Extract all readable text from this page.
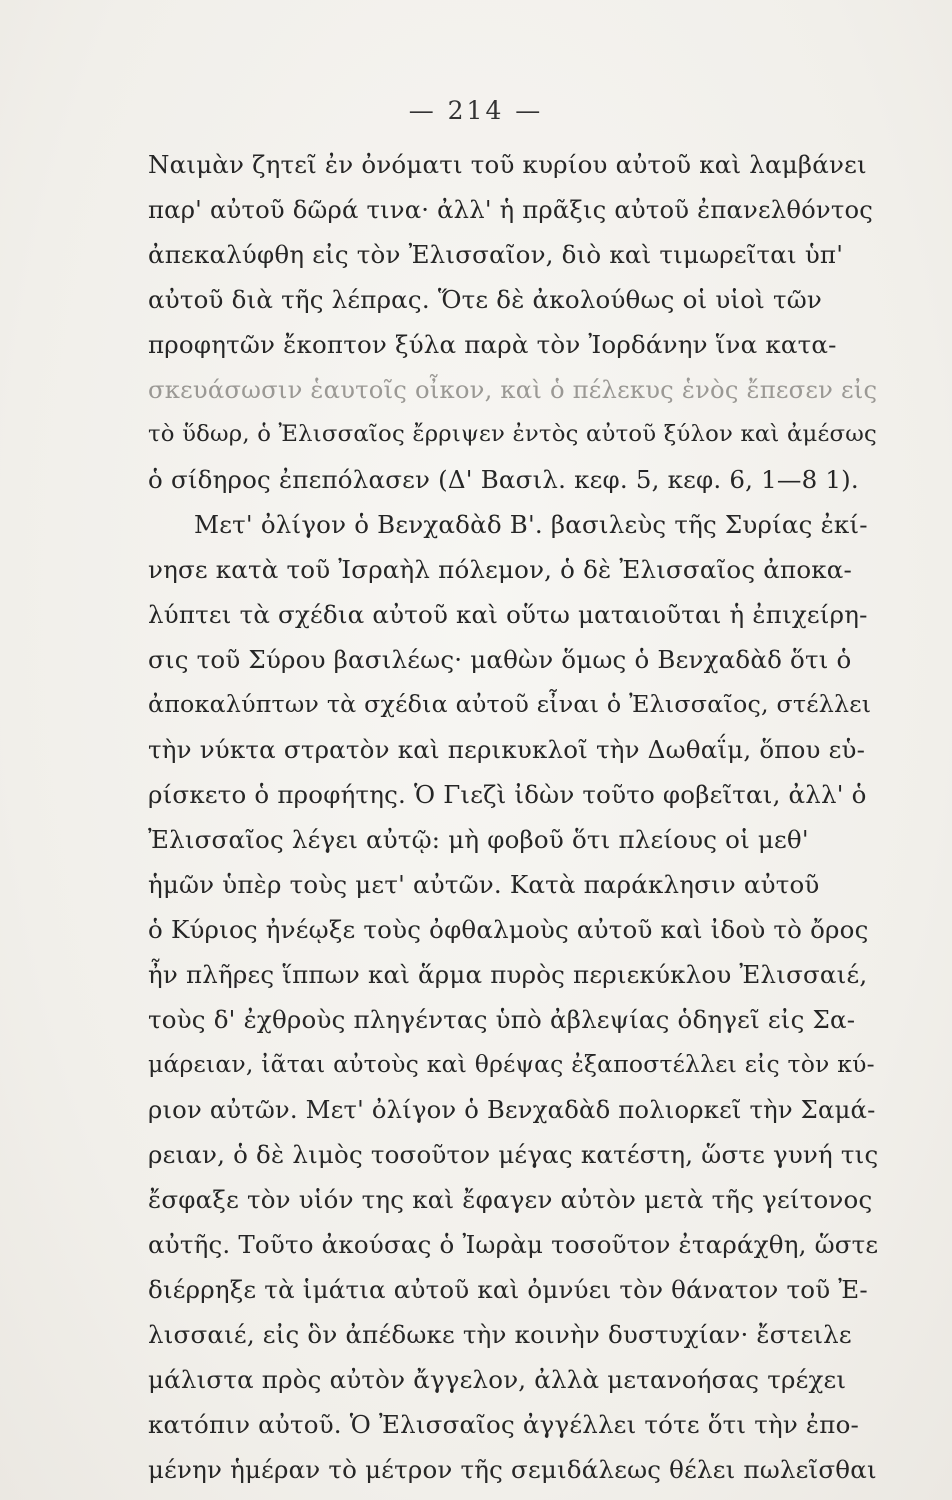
— 214 —
Ναιμὰν ζητεῖ ἐν ὀνόματι τοῦ κυρίου αὐτοῦ καὶ λαμβάνει
παρ' αὐτοῦ δῶρά τινα· ἀλλ' ἡ πρᾶξις αὐτοῦ ἐπανελθόντος
ἀπεκαλύφθη εἰς τὸν Ἐλισσαῖον, διὸ καὶ τιμωρεῖται ὑπ'
αὐτοῦ διὰ τῆς λέπρας. Ὅτε δὲ ἀκολούθως οἱ υἱοὶ τῶν
προφητῶν ἔκοπτον ξύλα παρὰ τὸν Ἰορδάνην ἵνα κατα-
σκευάσωσιν ἑαυτοῖς οἶκον, καὶ ὁ πέλεκυς ἑνὸς ἔπεσεν εἰς
τὸ ὕδωρ, ὁ Ἐλισσαῖος ἔρριψεν ἐντὸς αὐτοῦ ξύλον καὶ ἀμέσως
ὁ σίδηρος ἐπεπόλασεν (Δ' Βασιλ. κεφ. 5, κεφ. 6, 1—8 1).
Μετ' ὀλίγον ὁ Βενχαδὰδ Β'. βασιλεὺς τῆς Συρίας ἐκί-
νησε κατὰ τοῦ Ἰσραὴλ πόλεμον, ὁ δὲ Ἐλισσαῖος ἀποκα-
λύπτει τὰ σχέδια αὐτοῦ καὶ οὕτω ματαιοῦται ἡ ἐπιχείρη-
σις τοῦ Σύρου βασιλέως· μαθὼν ὅμως ὁ Βενχαδὰδ ὅτι ὁ
ἀποκαλύπτων τὰ σχέδια αὐτοῦ εἶναι ὁ Ἐλισσαῖος, στέλλει
τὴν νύκτα στρατὸν καὶ περικυκλοῖ τὴν Δωθαΐμ, ὅπου εὑ-
ρίσκετο ὁ προφήτης. Ὁ Γιεζὶ ἰδὼν τοῦτο φοβεῖται, ἀλλ' ὁ
Ἐλισσαῖος λέγει αὐτῷ: μὴ φοβοῦ ὅτι πλείους οἱ μεθ'
ἡμῶν ὑπὲρ τοὺς μετ' αὐτῶν. Κατὰ παράκλησιν αὐτοῦ
ὁ Κύριος ἠνέῳξε τοὺς ὀφθαλμοὺς αὐτοῦ καὶ ἰδοὺ τὸ ὄρος
ἦν πλῆρες ἵππων καὶ ἅρμα πυρὸς περιεκύκλου Ἐλισσαιέ,
τοὺς δ' ἐχθροὺς πληγέντας ὑπὸ ἀβλεψίας ὁδηγεῖ εἰς Σα-
μάρειαν, ἰᾶται αὐτοὺς καὶ θρέψας ἐξαποστέλλει εἰς τὸν κύ-
ριον αὐτῶν. Μετ' ὀλίγον ὁ Βενχαδὰδ πολιορκεῖ τὴν Σαμά-
ρειαν, ὁ δὲ λιμὸς τοσοῦτον μέγας κατέστη, ὥστε γυνή τις
ἔσφαξε τὸν υἱόν της καὶ ἔφαγεν αὐτὸν μετὰ τῆς γείτονος
αὐτῆς. Τοῦτο ἀκούσας ὁ Ἰωρὰμ τοσοῦτον ἐταράχθη, ὥστε
διέρρηξε τὰ ἱμάτια αὐτοῦ καὶ ὀμνύει τὸν θάνατον τοῦ Ἐ-
λισσαιέ, εἰς ὃν ἀπέδωκε τὴν κοινὴν δυστυχίαν· ἔστειλε
μάλιστα πρὸς αὐτὸν ἄγγελον, ἀλλὰ μετανοήσας τρέχει
κατόπιν αὐτοῦ. Ὁ Ἐλισσαῖος ἀγγέλλει τότε ὅτι τὴν ἐπο-
μένην ἡμέραν τὸ μέτρον τῆς σεμιδάλεως θέλει πωλεῖσθαι
